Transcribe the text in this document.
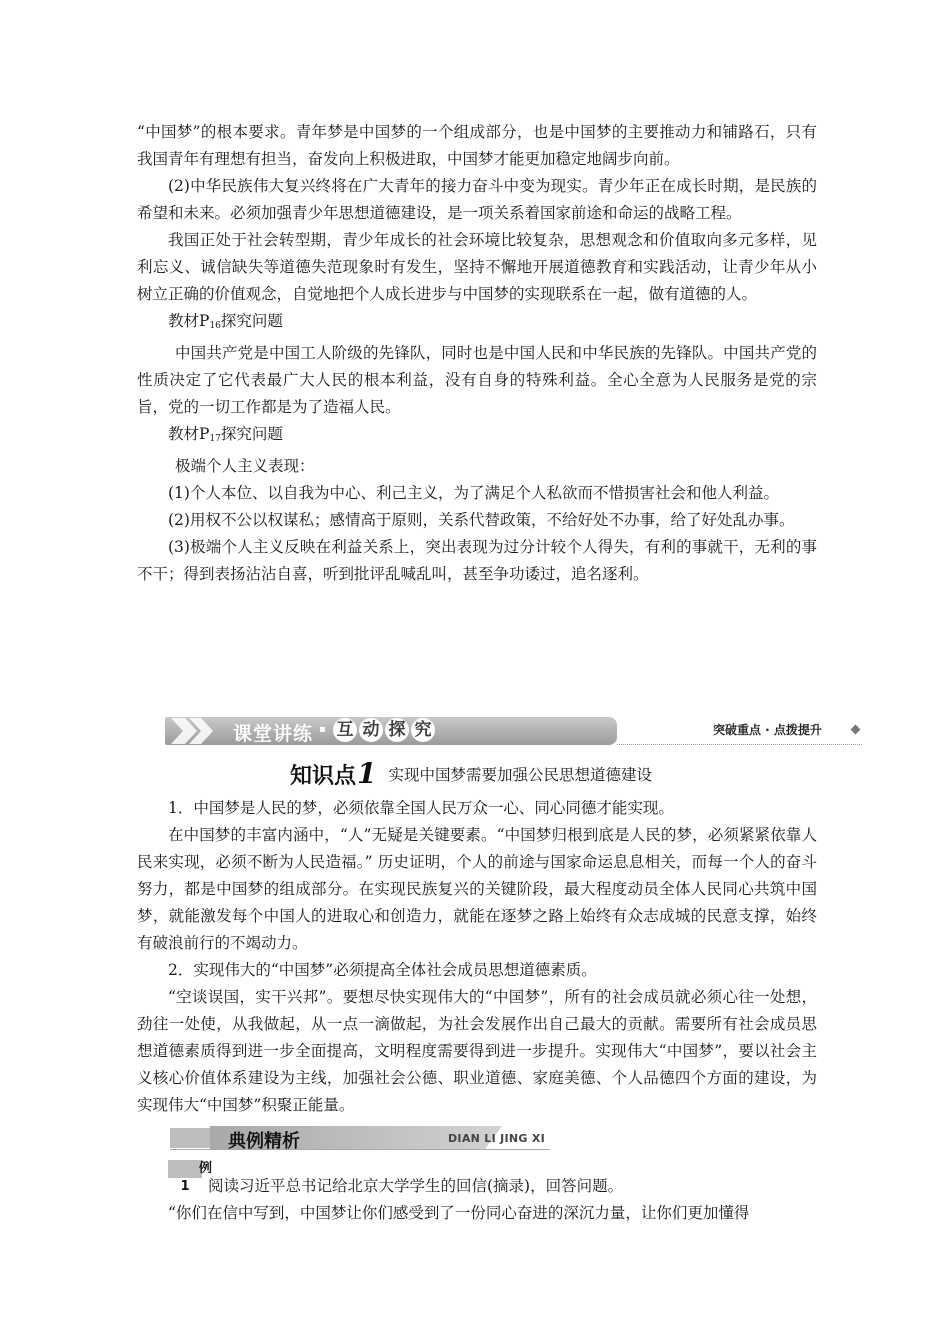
“中国梦”的根本要求。青年梦是中国梦的一个组成部分，也是中国梦的主要推动力和铺路石，只有我国青年有理想有担当，奋发向上积极进取，中国梦才能更加稳定地阔步向前。

(2)中华民族伟大复兴终将在广大青年的接力奋斗中变为现实。青少年正在成长时期，是民族的希望和未来。必须加强青少年思想道德建设，是一项关系着国家前途和命运的战略工程。

我国正处于社会转型期，青少年成长的社会环境比较复杂，思想观念和价值取向多元多样，见利忘义、诚信缺失等道德失范现象时有发生，坚持不懈地开展道德教育和实践活动，让青少年从小树立正确的价值观念，自觉地把个人成长进步与中国梦的实现联系在一起，做有道德的人。

教材$P_{16}$探究问题

中国共产党是中国工人阶级的先锋队，同时也是中国人民和中华民族的先锋队。中国共产党的性质决定了它代表最广大人民的根本利益，没有自身的特殊利益。全心全意为人民服务是党的宗旨，党的一切工作都是为了造福人民。

教材$P_{17}$探究问题

极端个人主义表现：

(1)个人本位、以自我为中心、利己主义，为了满足个人私欲而不惜损害社会和他人利益。

(2)用权不公以权谋私；感情高于原则，关系代替政策，不给好处不办事，给了好处乱办事。

(3)极端个人主义反映在利益关系上，突出表现为过分计较个人得失，有利的事就干，无利的事不干；得到表扬沾沾自喜，听到批评乱喊乱叫，甚至争功诿过，追名逐利。

课堂讲练 ▪ 互 动 探 究	突破重点 · 点拨提升
知识点1 实现中国梦需要加强公民思想道德建设

1．中国梦是人民的梦，必须依靠全国人民万众一心、同心同德才能实现。

在中国梦的丰富内涵中，“人”无疑是关键要素。“中国梦归根到底是人民的梦，必须紧紧依靠人民来实现，必须不断为人民造福。” 历史证明，个人的前途与国家命运息息相关，而每一个人的奋斗努力，都是中国梦的组成部分。在实现民族复兴的关键阶段，最大程度动员全体人民同心共筑中国梦，就能激发每个中国人的进取心和创造力，就能在逐梦之路上始终有众志成城的民意支撑，始终有破浪前行的不竭动力。

2．实现伟大的“中国梦”必须提高全体社会成员思想道德素质。

“空谈误国，实干兴邦”。要想尽快实现伟大的“中国梦”，所有的社会成员就必须心往一处想，劲往一处使，从我做起，从一点一滴做起，为社会发展作出自己最大的贡献。需要所有社会成员思想道德素质得到进一步全面提高，文明程度需要得到进一步提升。实现伟大“中国梦”，要以社会主义核心价值体系建设为主线，加强社会公德、职业道德、家庭美德、个人品德四个方面的建设，为实现伟大“中国梦”积聚正能量。

典例精析	DIAN LI JING XI

例1 阅读习近平总书记给北京大学学生的回信(摘录)，回答问题。

“你们在信中写到，中国梦让你们感受到了一份同心奋进的深沉力量，让你们更加懂得
